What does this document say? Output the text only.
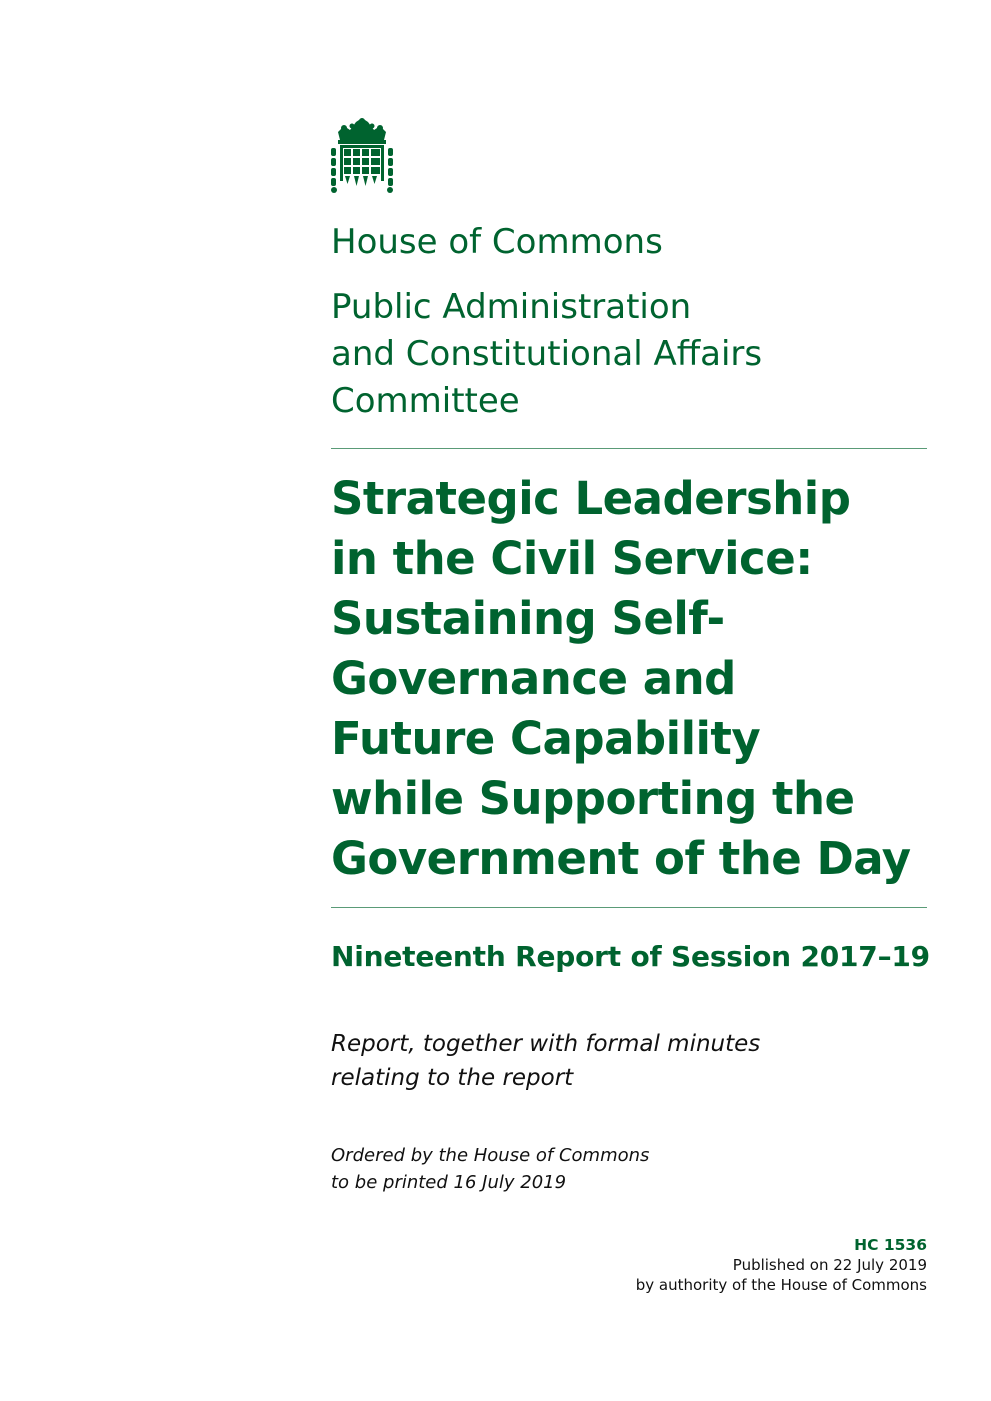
House of Commons
Public Administration
and Constitutional Affairs
Committee
Strategic Leadership
in the Civil Service:
Sustaining Self-
Governance and
Future Capability
while Supporting the
Government of the Day
Nineteenth Report of Session 2017–19
Report, together with formal minutes
relating to the report
Ordered by the House of Commons
to be printed 16 July 2019
HC 1536
Published on 22 July 2019
by authority of the House of Commons
